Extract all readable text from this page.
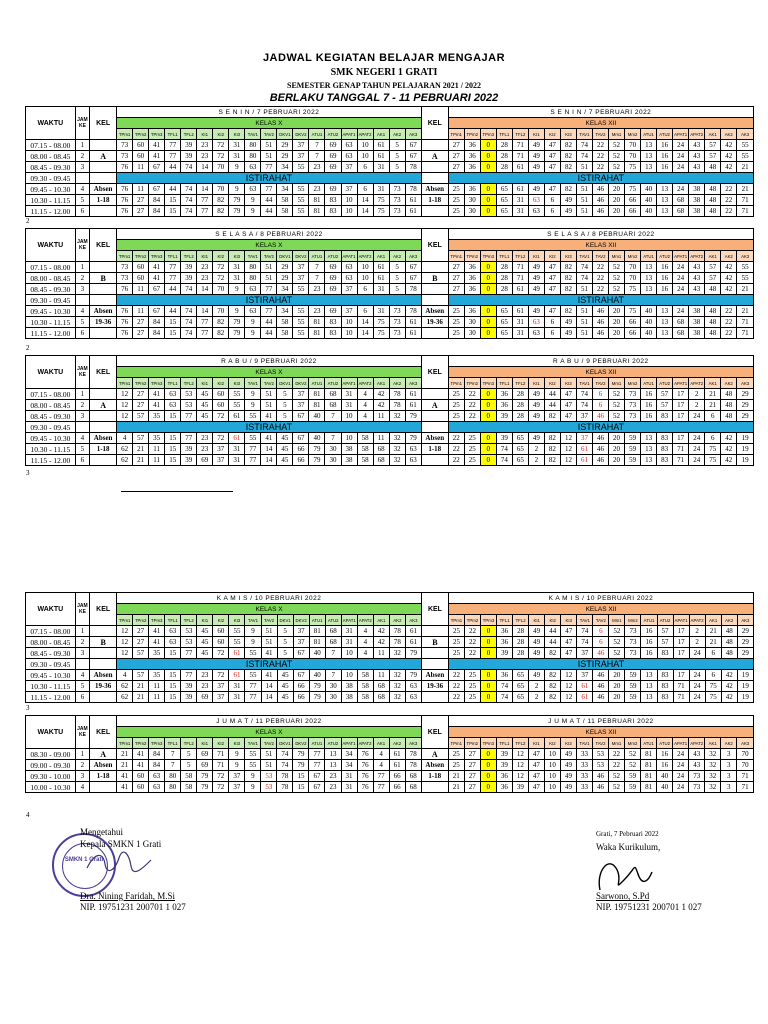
JADWAL KEGIATAN BELAJAR MENGAJAR
SMK NEGERI 1 GRATI
SEMESTER GENAP TAHUN PELAJARAN 2021 / 2022
BERLAKU TANGGAL 7 - 11 PEBRUARI 2022
WAKTU	JAM KE	KEL	S E N I N / 7 PEBRUARI 2022																			KEL	S E N I N / 7 PEBRUARI 2022																		
			KELAS X																				KELAS XII																		
			TPm1	TPm2	TPm3	TFL1	TFL2	KI1	KI2	KI3	TAV1	TAV2	DKV1	DKV2	ATU1	ATU2	APAT1	APAT2	AK1	AK2	AK3		TPm1	TPm2	TPm3	TFL1	TFL2	KI1	KI2	KI3	TAV1	TAV2	Mm1	Mm2	ATU1	ATU2	APAT1	APAT2	AK1	AK2	AK3
07.15 - 08.00	1		73	60	41	77	39	23	72	31	80	51	29	37	7	69	63	10	61	5	67		27	36	0	28	71	49	47	82	74	22	52	70	13	16	24	43	57	42	55
08.00 - 08.45	2	A	73	60	41	77	39	23	72	31	80	51	29	37	7	69	63	10	61	5	67	A	27	36	0	28	71	49	47	82	74	22	52	70	13	16	24	43	57	42	55
08.45 - 09.30	3		76	11	67	44	74	14	70	9	63	77	34	55	23	69	37	6	31	5	78		27	36	0	28	61	49	47	82	51	22	52	75	13	16	24	43	48	42	21
09.30 - 09.45			ISTIRAHAT																				ISTIRAHAT																		
09.45 - 10.30	4	Absen	76	11	67	44	74	14	70	9	63	77	34	55	23	69	37	6	31	73	78	Absen	25	36	0	65	61	49	47	82	51	46	20	75	40	13	24	38	48	22	21
10.30 - 11.15	5	1-18	76	27	84	15	74	77	82	79	9	44	58	55	81	83	10	14	75	73	61	1-18	25	30	0	65	31	63	6	49	51	46	20	66	40	13	68	38	48	22	71
11.15 - 12.00	6		76	27	84	15	74	77	82	79	9	44	58	55	81	83	10	14	75	73	61		25	30	0	65	31	63	6	49	51	46	20	66	40	13	68	38	48	22	71
2
WAKTU	JAM KE	KEL	S E L A S A / 8 PEBRUARI 2022																			KEL	S E L A S A / 8 PEBRUARI 2022																		
			KELAS X																				KELAS XII																		
			TPm1	TPm2	TPm3	TFL1	TFL2	KI1	KI2	KI3	TAV1	TAV2	DKV1	DKV2	ATU1	ATU2	APAT1	APAT2	AK1	AK2	AK3		TPm1	TPm2	TPm3	TFL1	TFL2	KI1	KI2	KI3	TAV1	TAV2	Mm1	Mm2	ATU1	ATU2	APAT1	APAT2	AK1	AK2	AK3
07.15 - 08.00	1		73	60	41	77	39	23	72	31	80	51	29	37	7	69	63	10	61	5	67		27	36	0	28	71	49	47	82	74	22	52	70	13	16	24	43	57	42	55
08.00 - 08.45	2	B	73	60	41	77	39	23	72	31	80	51	29	37	7	69	63	10	61	5	67	B	27	36	0	28	71	49	47	82	74	22	52	70	13	16	24	43	57	42	55
08.45 - 09.30	3		76	11	67	44	74	14	70	9	63	77	34	55	23	69	37	6	31	5	78		27	36	0	28	61	49	47	82	51	22	52	75	13	16	24	43	48	42	21
09.30 - 09.45			ISTIRAHAT																				ISTIRAHAT																		
09.45 - 10.30	4	Absen	76	11	67	44	74	14	70	9	63	77	34	55	23	69	37	6	31	73	78	Absen	25	36	0	65	61	49	47	82	51	46	20	75	40	13	24	38	48	22	21
10.30 - 11.15	5	19-36	76	27	84	15	74	77	82	79	9	44	58	55	81	83	10	14	75	73	61	19-36	25	30	0	65	31	63	6	49	51	46	20	66	40	13	68	38	48	22	71
11.15 - 12.00	6		76	27	84	15	74	77	82	79	9	44	58	55	81	83	10	14	75	73	61		25	30	0	65	31	63	6	49	51	46	20	66	40	13	68	38	48	22	71
2
WAKTU	JAM KE	KEL	R A B U / 9 PEBRUARI 2022																			KEL	R A B U / 9 PEBRUARI 2022																		
			KELAS X																				KELAS XII																		
			TPm1	TPm2	TPm3	TFL1	TFL2	KI1	KI2	KI3	TAV1	TAV2	DKV1	DKV2	ATU1	ATU2	APAT1	APAT2	AK1	AK2	AK3		TPm1	TPm2	TPm3	TFL1	TFL2	KI1	KI2	KI3	TAV1	TAV2	Mm1	Mm2	ATU1	ATU2	APAT1	APAT2	AK1	AK2	AK3
07.15 - 08.00	1		12	27	41	63	53	45	60	55	9	51	5	37	81	68	31	4	42	78	61		25	22	0	36	28	49	44	47	74	6	52	73	16	57	17	2	21	48	29
08.00 - 08.45	2	A	12	27	41	63	53	45	60	55	9	51	5	37	81	68	31	4	42	78	61	A	25	22	0	36	28	49	44	47	74	6	52	73	16	57	17	2	21	48	29
08.45 - 09.30	3		12	57	35	15	77	45	72	61	55	41	5	67	40	7	10	4	11	32	79		25	22	0	39	28	49	82	47	37	46	52	73	16	83	17	24	6	48	29
09.30 - 09.45			ISTIRAHAT																				ISTIRAHAT																		
09.45 - 10.30	4	Absen	4	57	35	15	77	23	72	61	55	41	45	67	40	7	10	58	11	32	79	Absen	22	25	0	39	65	49	82	12	37	46	20	59	13	83	17	24	6	42	19
10.30 - 11.15	5	1-18	62	21	11	15	39	23	37	31	77	14	45	66	79	30	38	58	68	32	63	1-18	22	25	0	74	65	2	82	12	61	46	20	59	13	83	71	24	75	42	19
11.15 - 12.00	6		62	21	11	15	39	69	37	31	77	14	45	66	79	30	38	58	68	32	63		22	25	0	74	65	2	82	12	61	46	20	59	13	83	71	24	75	42	19
3
WAKTU	JAM KE	KEL	K A M I S / 10 PEBRUARI 2022																			KEL	K A M I S / 10 PEBRUARI 2022																		
			KELAS X																				KELAS XII																		
			TPm1	TPm2	TPm3	TFL1	TFL2	KI1	KI2	KI3	TAV1	TAV2	DKV1	DKV2	ATU1	ATU2	APAT1	APAT2	AK1	AK2	AK3		TPm1	TPm2	TPm3	TFL1	TFL2	KI1	KI2	KI3	TAV1	TAV2	Mm1	Mm2	ATU1	ATU2	APAT1	APAT2	AK1	AK2	AK3
07.15 - 08.00	1		12	27	41	63	53	45	60	55	9	51	5	37	81	68	31	4	42	78	61		25	22	0	36	28	49	44	47	74	6	52	73	16	57	17	2	21	48	29
08.00 - 08.45	2	B	12	27	41	63	53	45	60	55	9	51	5	37	81	68	31	4	42	78	61	B	25	22	0	36	28	49	44	47	74	6	52	73	16	57	17	2	21	48	29
08.45 - 09.30	3		12	57	35	15	77	45	72	61	55	41	5	67	40	7	10	4	11	32	79		25	22	0	39	28	49	82	47	37	46	52	73	16	83	17	24	6	48	29
09.30 - 09.45			ISTIRAHAT																				ISTIRAHAT																		
09.45 - 10.30	4	Absen	4	57	35	15	77	23	72	61	55	41	45	67	40	7	10	58	11	32	79	Absen	22	25	0	36	65	49	82	12	37	46	20	59	13	83	17	24	6	42	19
10.30 - 11.15	5	19-36	62	21	11	15	39	23	37	31	77	14	45	66	79	30	38	58	68	32	63	19-36	22	25	0	74	65	2	82	12	61	46	20	59	13	83	71	24	75	42	19
11.15 - 12.00	6		62	21	11	15	39	69	37	31	77	14	45	66	79	30	38	58	68	32	63		22	25	0	74	65	2	82	12	61	46	20	59	13	83	71	24	75	42	19
3
WAKTU	JAM KE	KEL	J U M A T / 11 PEBRUARI 2022																			KEL	J U M A T / 11 PEBRUARI 2022																		
			KELAS X																				KELAS XII																		
			TPm1	TPm2	TPm3	TFL1	TFL2	KI1	KI2	KI3	TAV1	TAV2	DKV1	DKV2	ATU1	ATU2	APAT1	APAT2	AK1	AK2	AK3		TPm1	TPm2	TPm3	TFL1	TFL2	KI1	KI2	KI3	TAV1	TAV2	Mm1	Mm2	ATU1	ATU2	APAT1	APAT2	AK1	AK2	AK3
08.30 - 09.00	1	A	21	41	84	7	5	69	71	9	55	51	74	79	77	13	34	76	4	61	78	A	25	27	0	39	12	47	10	49	33	53	22	52	81	16	24	43	32	3	70
09.00 - 09.30	2	Absen	21	41	84	7	5	69	71	9	55	51	74	79	77	13	34	76	4	61	78	Absen	25	27	0	39	12	47	10	49	33	53	22	52	81	16	24	43	32	3	70
09.30 - 10.00	3	1-18	41	60	63	80	58	79	72	37	9	53	78	15	67	23	31	76	77	66	68	1-18	21	27	0	36	12	47	10	49	33	46	52	59	81	40	24	73	32	3	71
10.00 - 10.30	4		41	60	63	80	58	79	72	37	9	53	78	15	67	23	31	76	77	66	68		21	27	0	36	39	47	10	49	33	46	52	59	81	40	24	73	32	3	71
4
SMKN 1 Grati
Mengetahui
Kepala SMKN 1 Grati
Dra. Nining Faridah, M.Si
NIP. 19751231 200701 1 027
Grati, 7 Pebruari 2022
Waka Kurikulum,
Sarwono, S.Pd
NIP. 19751231 200701 1 027
